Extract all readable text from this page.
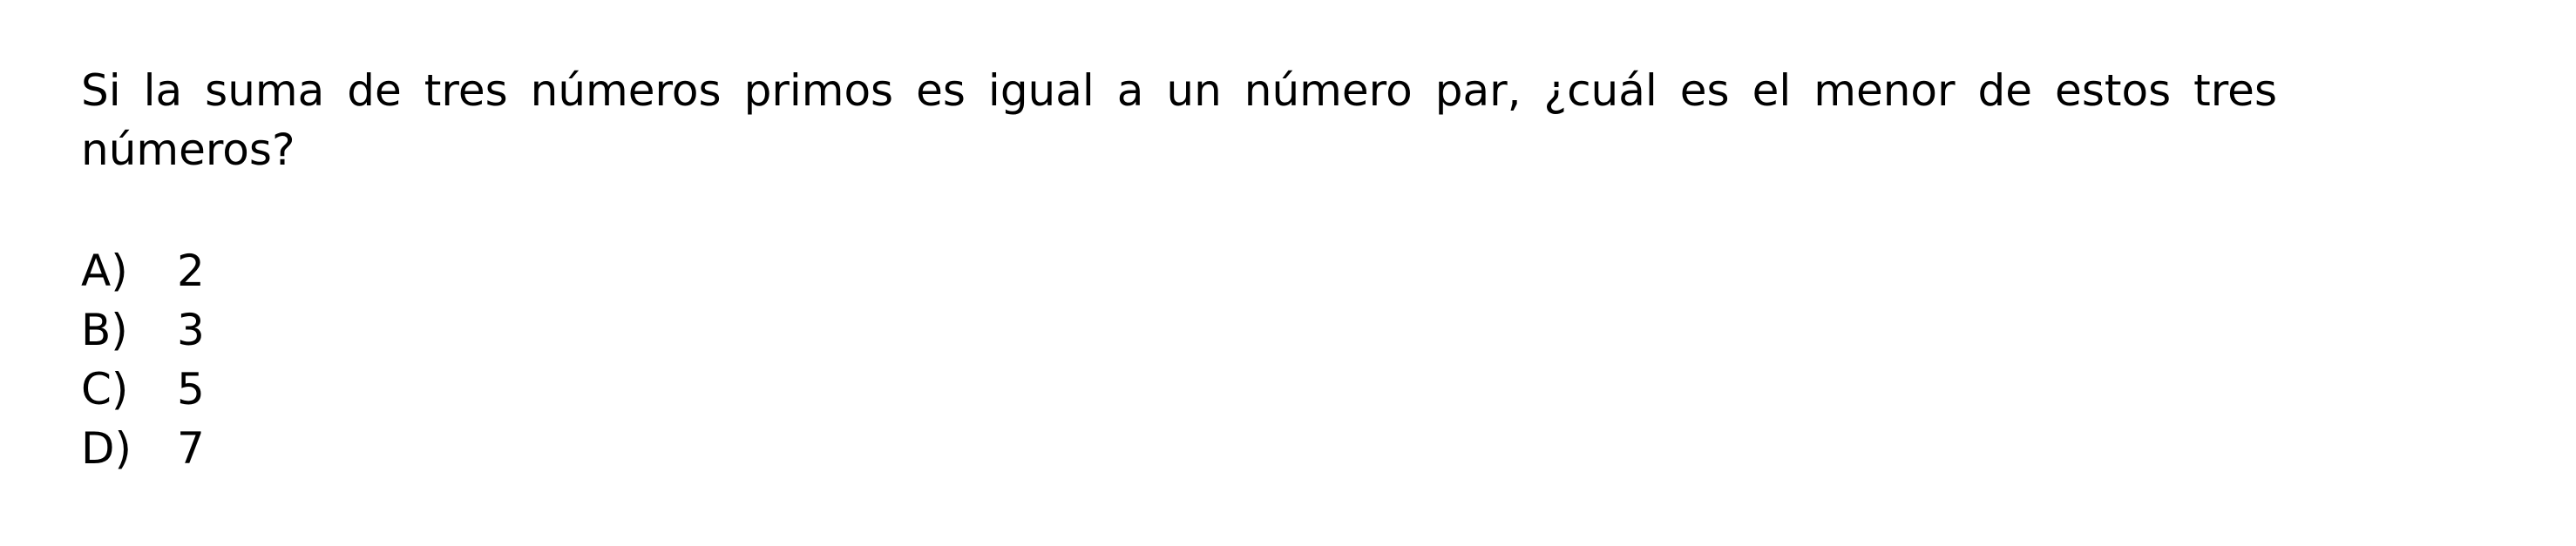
Si la suma de tres números primos es igual a un número par, ¿cuál es el menor de estos tres números?

A)	2
B)	3
C)	5
D)	7
